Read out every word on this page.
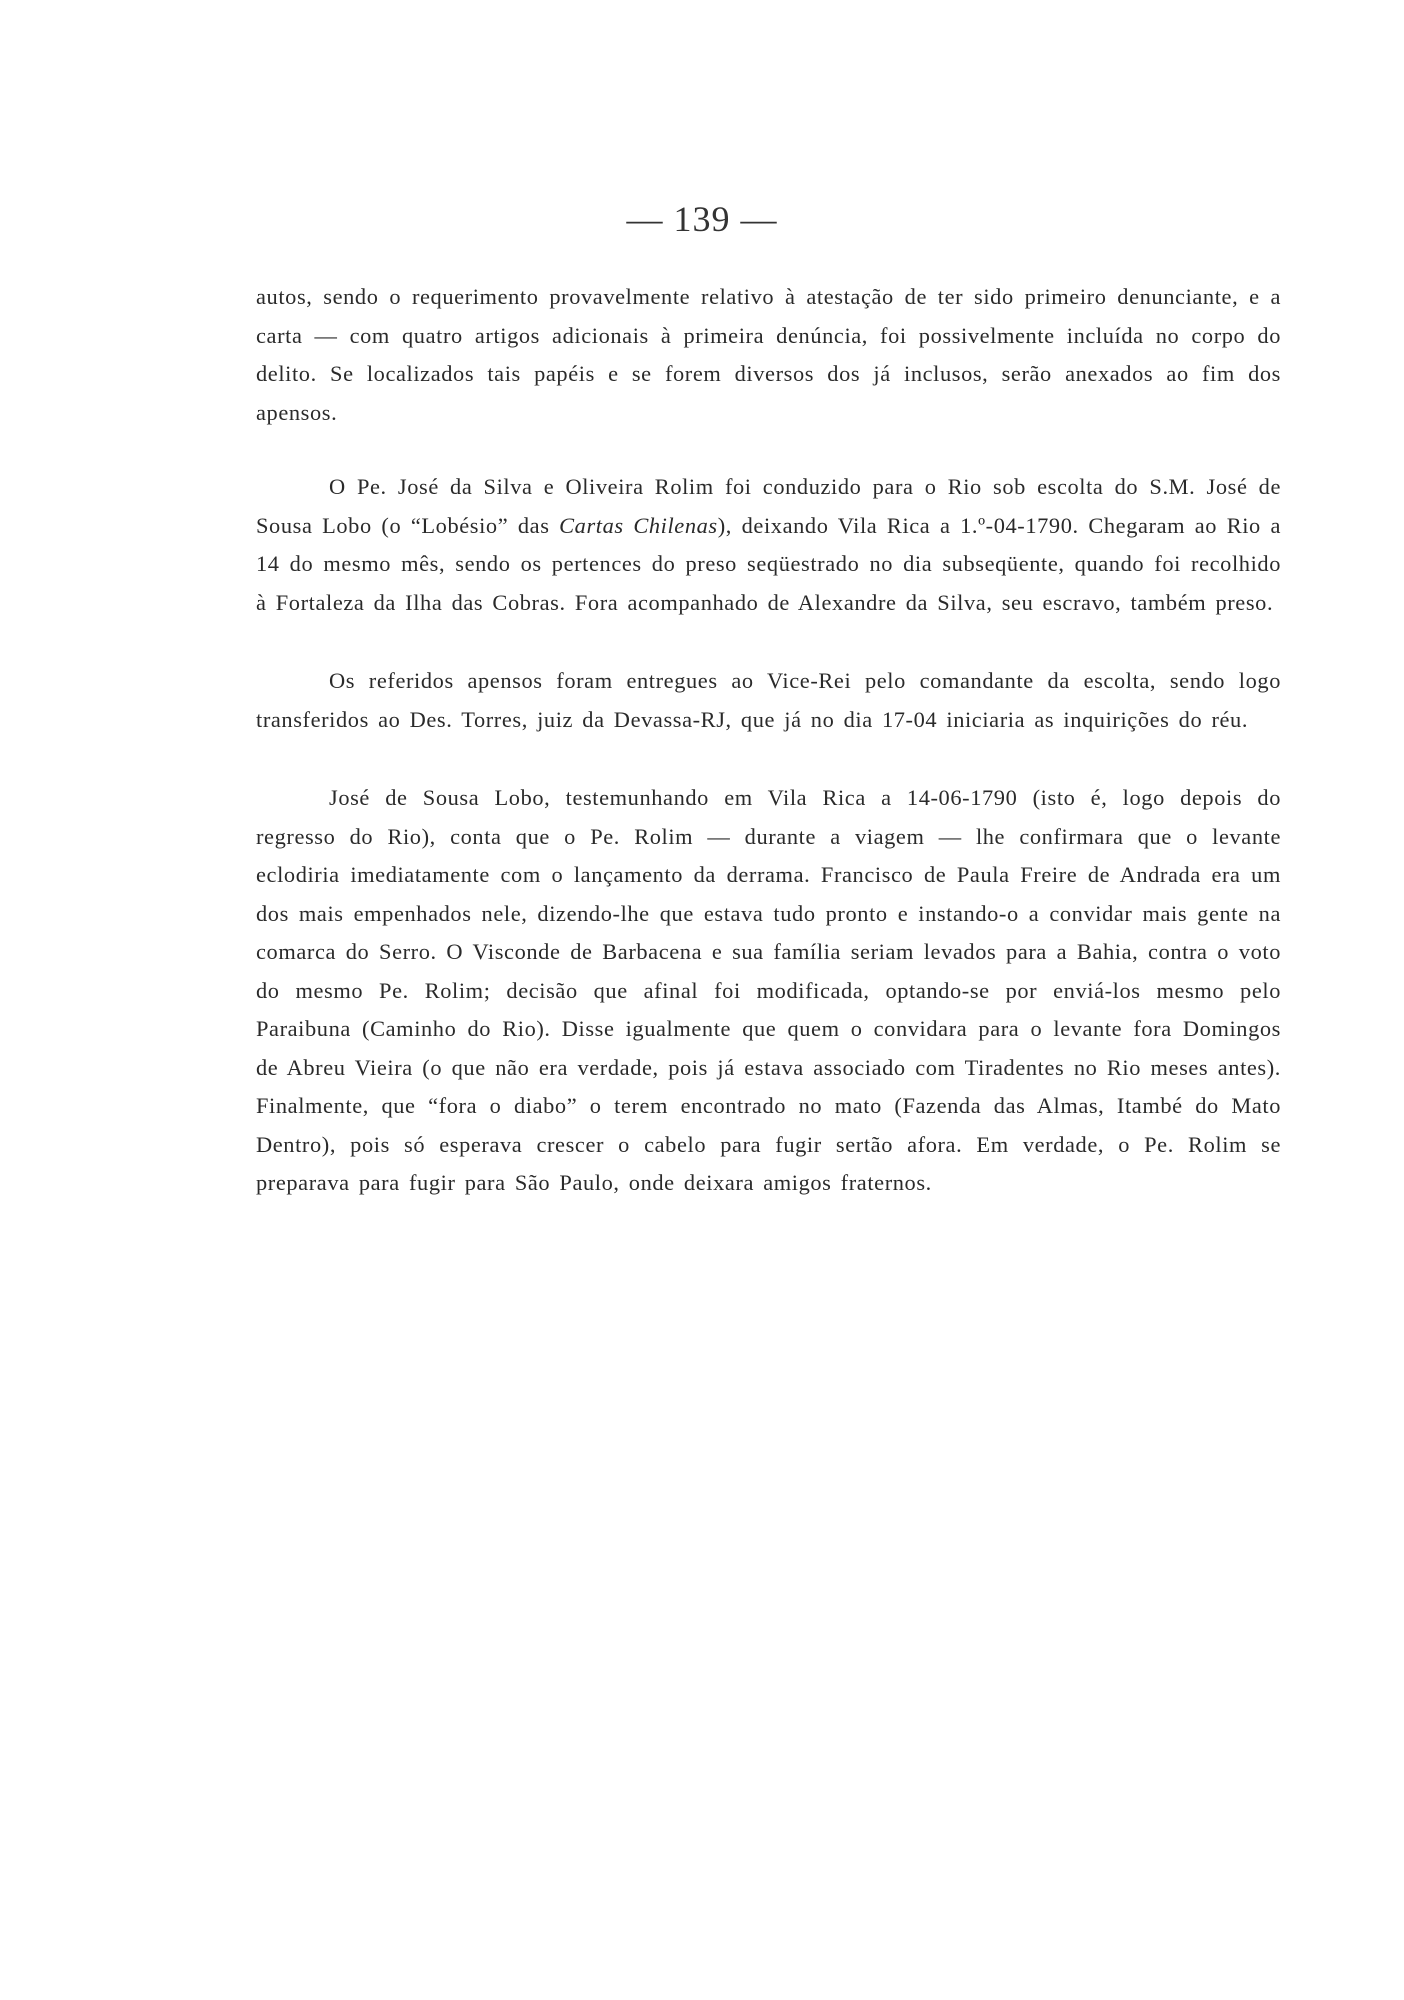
— 139 —

autos, sendo o requerimento provavelmente relativo à atestação de ter sido primeiro denunciante, e a carta — com quatro artigos adicionais à primeira denúncia, foi possivelmente incluída no corpo do delito. Se localizados tais papéis e se forem diversos dos já inclusos, serão anexados ao fim dos apensos.

O Pe. José da Silva e Oliveira Rolim foi conduzido para o Rio sob escolta do S.M. José de Sousa Lobo (o “Lobésio” das Cartas Chilenas), deixando Vila Rica a 1.º-04-1790. Chegaram ao Rio a 14 do mesmo mês, sendo os pertences do preso seqüestrado no dia subseqüente, quando foi recolhido à Fortaleza da Ilha das Cobras. Fora acompanhado de Alexandre da Silva, seu escravo, também preso.

Os referidos apensos foram entregues ao Vice-Rei pelo comandante da escolta, sendo logo transferidos ao Des. Torres, juiz da Devassa-RJ, que já no dia 17-04 iniciaria as inquirições do réu.

José de Sousa Lobo, testemunhando em Vila Rica a 14-06-1790 (isto é, logo depois do regresso do Rio), conta que o Pe. Rolim — durante a viagem — lhe confirmara que o levante eclodiria imediatamente com o lançamento da derrama. Francisco de Paula Freire de Andrada era um dos mais empenhados nele, dizendo-lhe que estava tudo pronto e instando-o a convidar mais gente na comarca do Serro. O Visconde de Barbacena e sua família seriam levados para a Bahia, contra o voto do mesmo Pe. Rolim; decisão que afinal foi modificada, optando-se por enviá-los mesmo pelo Paraibuna (Caminho do Rio). Disse igualmente que quem o convidara para o levante fora Domingos de Abreu Vieira (o que não era verdade, pois já estava associado com Tiradentes no Rio meses antes). Finalmente, que “fora o diabo” o terem encontrado no mato (Fazenda das Almas, Itambé do Mato Dentro), pois só esperava crescer o cabelo para fugir sertão afora. Em verdade, o Pe. Rolim se preparava para fugir para São Paulo, onde deixara amigos fraternos.
